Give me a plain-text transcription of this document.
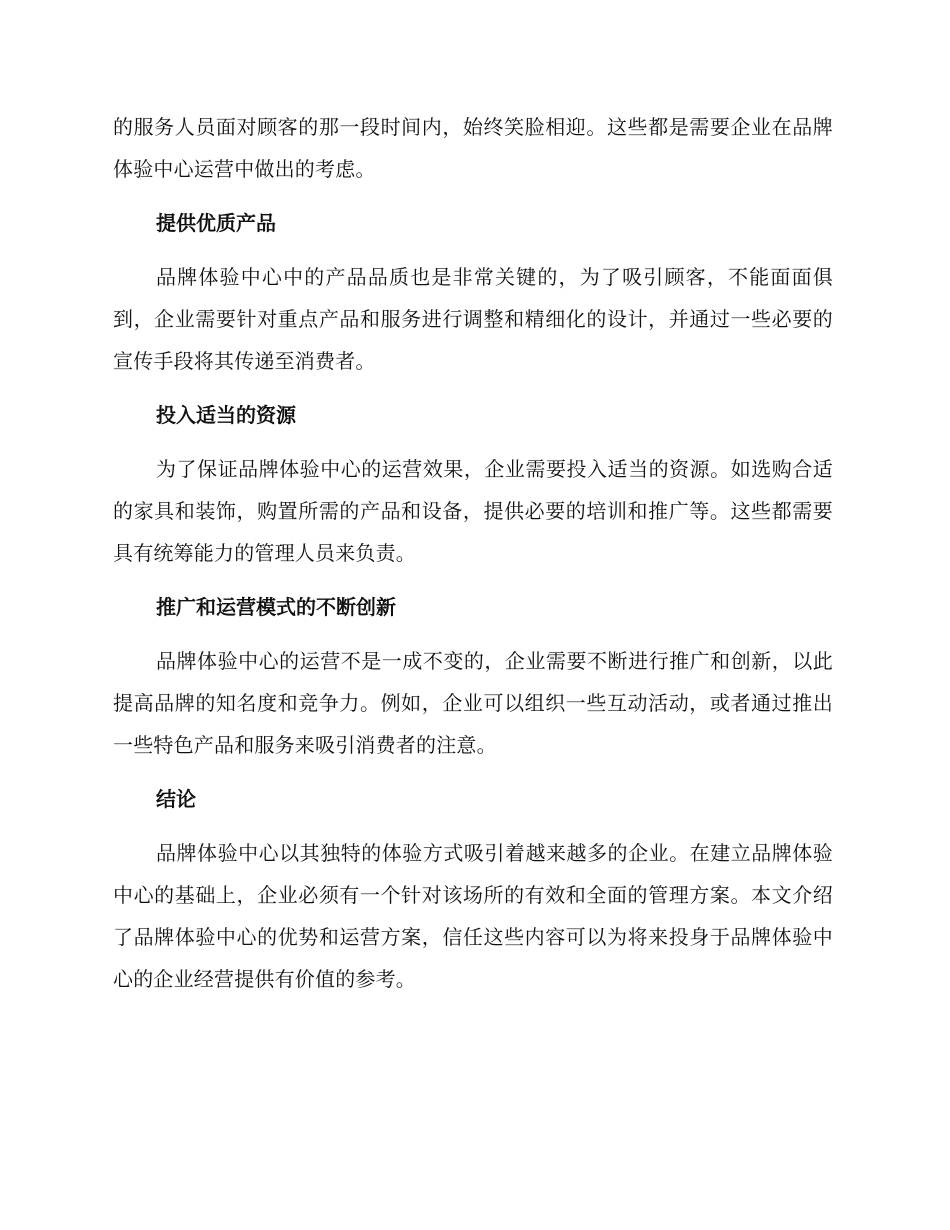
的服务人员面对顾客的那一段时间内，始终笑脸相迎。这些都是需要企业在品牌体验中心运营中做出的考虑。

提供优质产品

品牌体验中心中的产品品质也是非常关键的，为了吸引顾客，不能面面俱到，企业需要针对重点产品和服务进行调整和精细化的设计，并通过一些必要的宣传手段将其传递至消费者。

投入适当的资源

为了保证品牌体验中心的运营效果，企业需要投入适当的资源。如选购合适的家具和装饰，购置所需的产品和设备，提供必要的培训和推广等。这些都需要具有统筹能力的管理人员来负责。

推广和运营模式的不断创新

品牌体验中心的运营不是一成不变的，企业需要不断进行推广和创新，以此提高品牌的知名度和竞争力。例如，企业可以组织一些互动活动，或者通过推出一些特色产品和服务来吸引消费者的注意。

结论

品牌体验中心以其独特的体验方式吸引着越来越多的企业。在建立品牌体验中心的基础上，企业必须有一个针对该场所的有效和全面的管理方案。本文介绍了品牌体验中心的优势和运营方案，信任这些内容可以为将来投身于品牌体验中心的企业经营提供有价值的参考。
